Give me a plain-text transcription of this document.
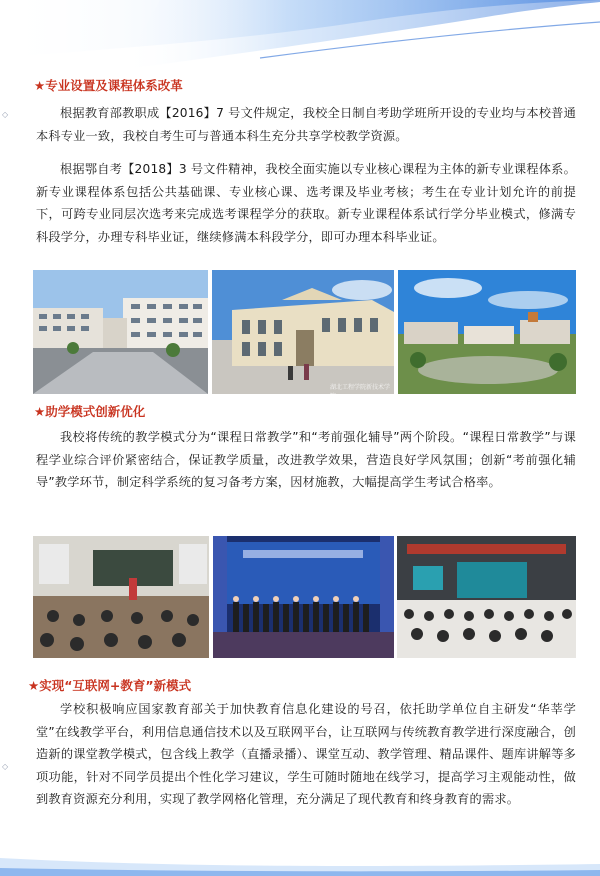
◇
◇
★专业设置及课程体系改革

根据教育部教职成【2016】7 号文件规定，我校全日制自考助学班所开设的专业均与本校普通本科专业一致，我校自考生可与普通本科生充分共享学校教学资源。

根据鄂自考【2018】3 号文件精神，我校全面实施以专业核心课程为主体的新专业课程体系。新专业课程体系包括公共基础课、专业核心课、选考课及毕业考核；考生在专业计划允许的前提下，可跨专业同层次选考来完成选考课程学分的获取。新专业课程体系试行学分毕业模式，修满专科段学分，办理专科毕业证，继续修满本科段学分，即可办理本科毕业证。

湖北工程学院新技术学院
★助学模式创新优化

我校将传统的教学模式分为“课程日常教学”和“考前强化辅导”两个阶段。“课程日常教学”与课程学业综合评价紧密结合，保证教学质量，改进教学效果，营造良好学风氛围；创新“考前强化辅导”教学环节，制定科学系统的复习备考方案，因材施教，大幅提高学生考试合格率。

★实现“互联网+教育”新模式

学校积极响应国家教育部关于加快教育信息化建设的号召，依托助学单位自主研发“华莘学堂”在线教学平台，利用信息通信技术以及互联网平台，让互联网与传统教育教学进行深度融合，创造新的课堂教学模式，包含线上教学（直播录播）、课堂互动、教学管理、精品课件、题库讲解等多项功能，针对不同学员提出个性化学习建议，学生可随时随地在线学习，提高学习主观能动性，做到教育资源充分利用，实现了教学网格化管理，充分满足了现代教育和终身教育的需求。
